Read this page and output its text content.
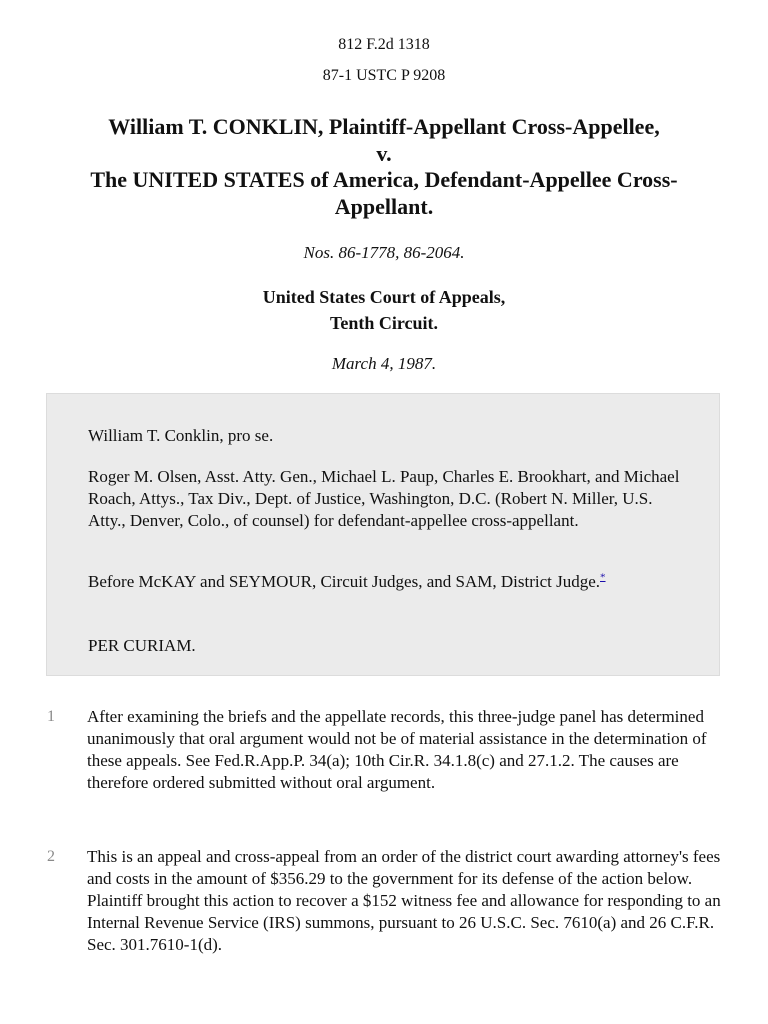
812 F.2d 1318
87-1 USTC P 9208
William T. CONKLIN, Plaintiff-Appellant Cross-Appellee,
v.
The UNITED STATES of America, Defendant-Appellee Cross-
Appellant.
Nos. 86-1778, 86-2064.
United States Court of Appeals,
Tenth Circuit.
March 4, 1987.

William T. Conklin, pro se.

Roger M. Olsen, Asst. Atty. Gen., Michael L. Paup, Charles E. Brookhart, and Michael Roach, Attys., Tax Div., Dept. of Justice, Washington, D.C. (Robert N. Miller, U.S. Atty., Denver, Colo., of counsel) for defendant-appellee cross-appellant.

Before McKAY and SEYMOUR, Circuit Judges, and SAM, District Judge.*

PER CURIAM.

1 After examining the briefs and the appellate records, this three-judge panel has determined unanimously that oral argument would not be of material assistance in the determination of these appeals. See Fed.R.App.P. 34(a); 10th Cir.R. 34.1.8(c) and 27.1.2. The causes are therefore ordered submitted without oral argument.

2 This is an appeal and cross-appeal from an order of the district court awarding attorney's fees and costs in the amount of $356.29 to the government for its defense of the action below. Plaintiff brought this action to recover a $152 witness fee and allowance for responding to an Internal Revenue Service (IRS) summons, pursuant to 26 U.S.C. Sec. 7610(a) and 26 C.F.R. Sec. 301.7610-1(d).
